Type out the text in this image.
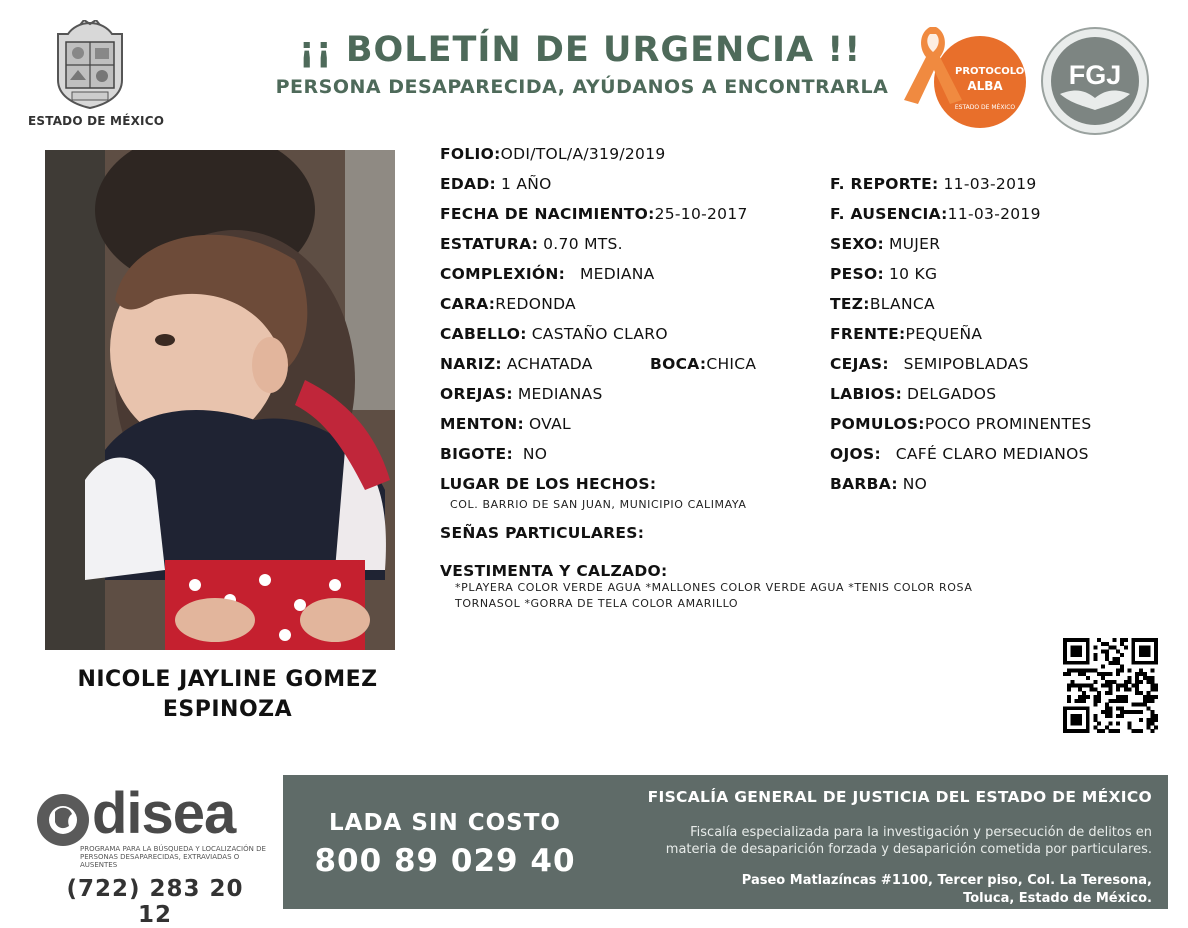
ESTADO DE MÉXICO
¡¡ BOLETÍN DE URGENCIA !!
PERSONA DESAPARECIDA, AYÚDANOS A ENCONTRARLA
PROTOCOLO
ALBA
ESTADO DE MÉXICO
FGJ
NICOLE JAYLINE GOMEZ ESPINOZA
FOLIO:ODI/TOL/A/319/2019
EDAD: 1 AÑO
FECHA DE NACIMIENTO:25-10-2017
ESTATURA: 0.70 MTS.
COMPLEXIÓN: MEDIANA
CARA:REDONDA
CABELLO: CASTAÑO CLARO
NARIZ: ACHATADA	BOCA:CHICA
OREJAS: MEDIANAS
MENTON: OVAL
BIGOTE: NO
LUGAR DE LOS HECHOS:
COL. BARRIO DE SAN JUAN, MUNICIPIO CALIMAYA
SEÑAS PARTICULARES:
VESTIMENTA Y CALZADO:
*PLAYERA COLOR VERDE AGUA *MALLONES COLOR VERDE AGUA *TENIS COLOR ROSA
TORNASOL *GORRA DE TELA COLOR AMARILLO
F. REPORTE: 11-03-2019
F. AUSENCIA:11-03-2019
SEXO: MUJER
PESO: 10 KG
TEZ:BLANCA
FRENTE:PEQUEÑA
CEJAS: SEMIPOBLADAS
LABIOS: DELGADOS
POMULOS:POCO PROMINENTES
OJOS: CAFÉ CLARO MEDIANOS
BARBA: NO
disea
PROGRAMA PARA LA BÚSQUEDA Y LOCALIZACIÓN DE PERSONAS DESAPARECIDAS, EXTRAVIADAS O AUSENTES
(722) 283 20 12
LADA SIN COSTO
800 89 029 40
FISCALÍA GENERAL DE JUSTICIA DEL ESTADO DE MÉXICO
Fiscalía especializada para la investigación y persecución de delitos en
materia de desaparición forzada y desaparición cometida por particulares.
Paseo Matlazíncas #1100, Tercer piso, Col. La Teresona,
Toluca, Estado de México.
